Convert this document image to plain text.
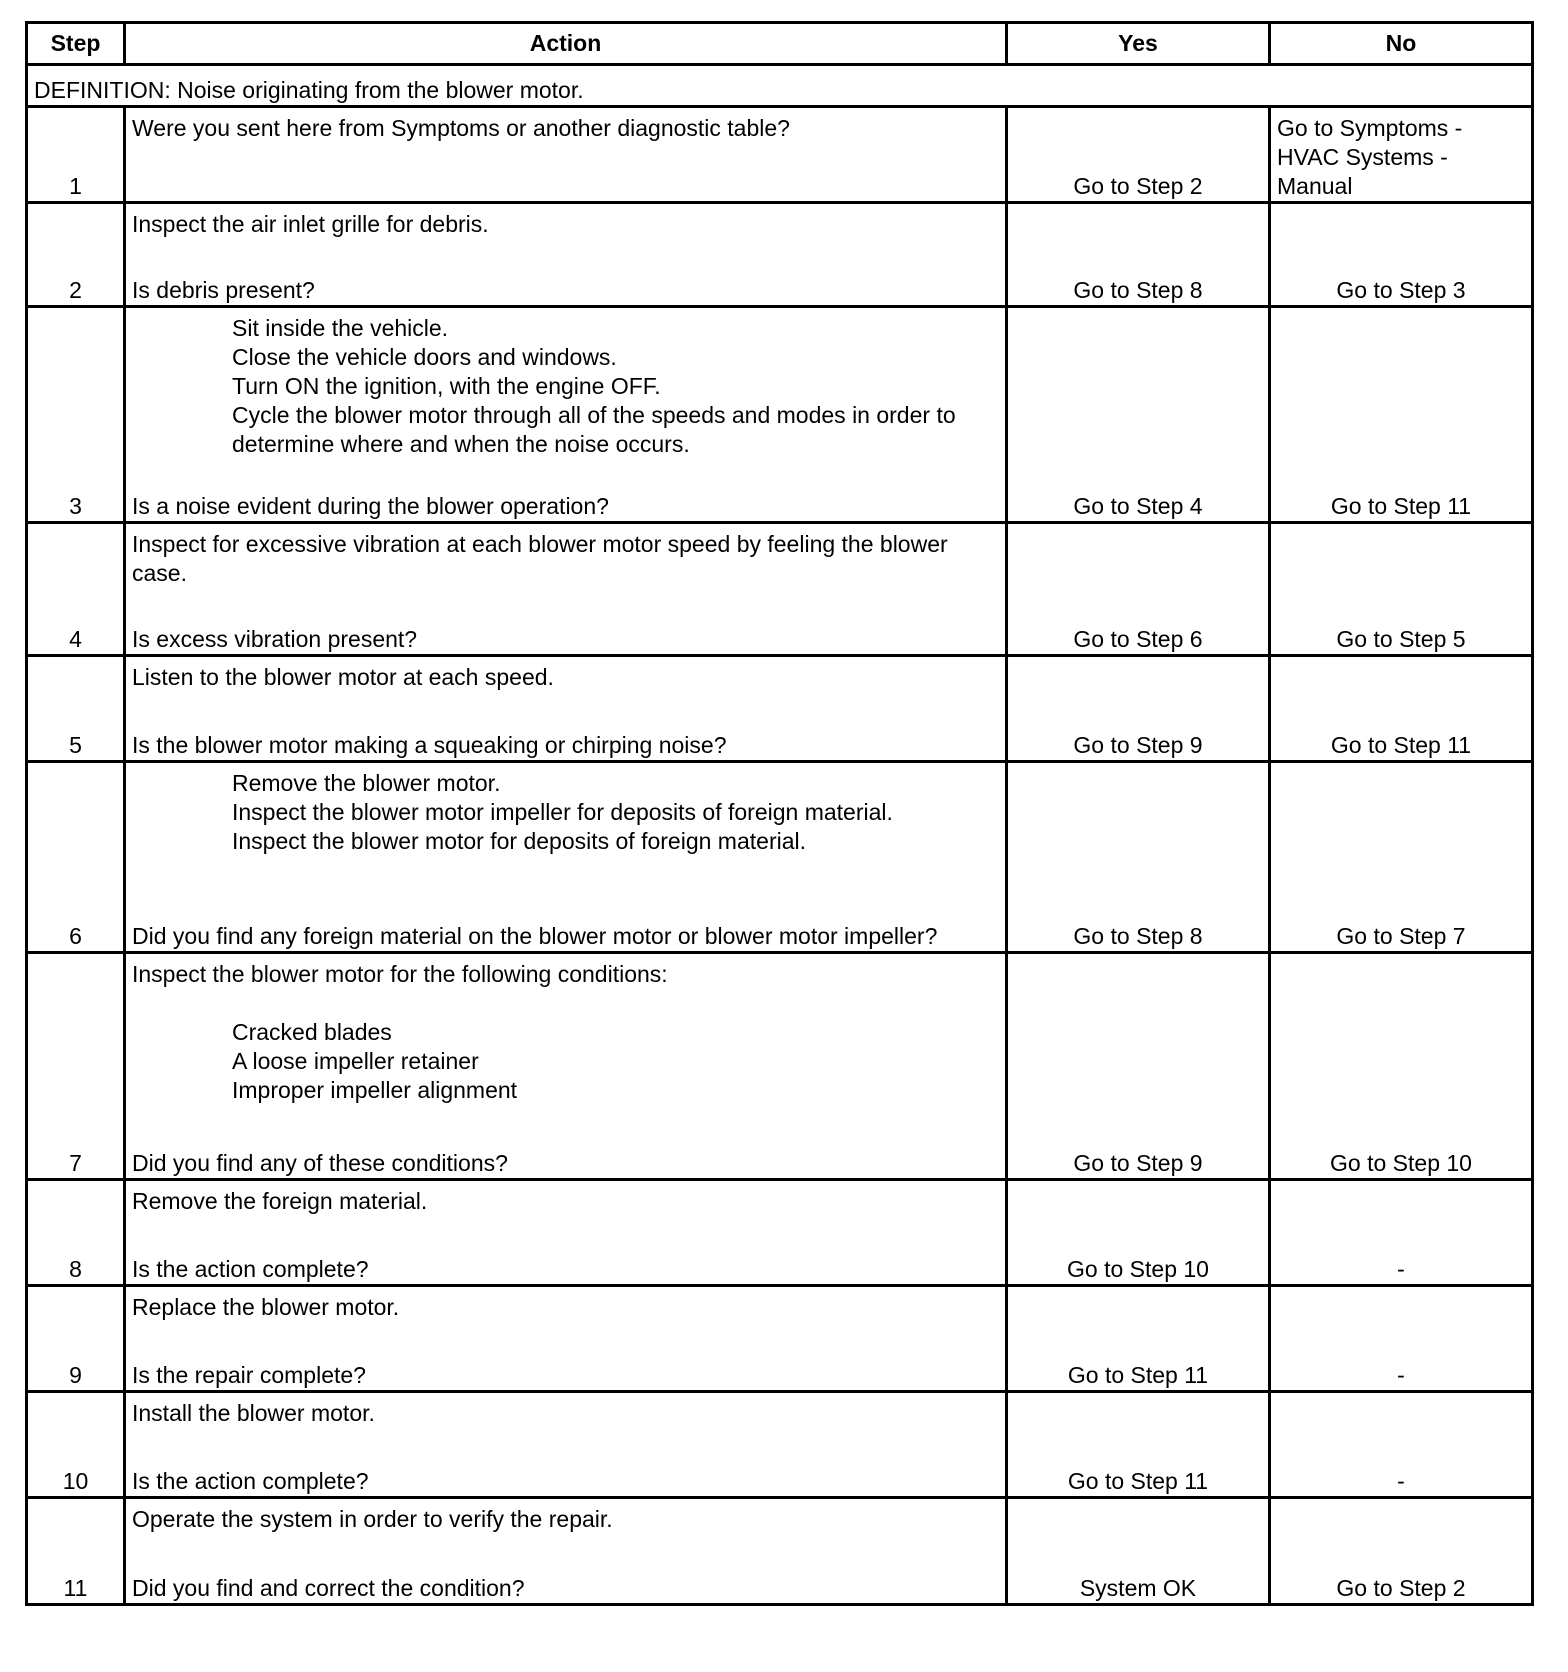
Step	Action	Yes	No
DEFINITION: Noise originating from the blower motor.			
1	Were you sent here from Symptoms or another diagnostic table?	Go to Step 2	Go to Symptoms - HVAC Systems - Manual
2	Inspect the air inlet grille for debris.
Is debris present?	Go to Step 8	Go to Step 3
3	Sit inside the vehicle.
Close the vehicle doors and windows.
Turn ON the ignition, with the engine OFF.
Cycle the blower motor through all of the speeds and modes in order to determine where and when the noise occurs.
Is a noise evident during the blower operation?	Go to Step 4	Go to Step 11
4	Inspect for excessive vibration at each blower motor speed by feeling the blower case.
Is excess vibration present?	Go to Step 6	Go to Step 5
5	Listen to the blower motor at each speed.
Is the blower motor making a squeaking or chirping noise?	Go to Step 9	Go to Step 11
6	Remove the blower motor.
Inspect the blower motor impeller for deposits of foreign material.
Inspect the blower motor for deposits of foreign material.
Did you find any foreign material on the blower motor or blower motor impeller?	Go to Step 8	Go to Step 7
7	Inspect the blower motor for the following conditions:
Cracked blades
A loose impeller retainer
Improper impeller alignment
Did you find any of these conditions?	Go to Step 9	Go to Step 10
8	Remove the foreign material.
Is the action complete?	Go to Step 10	-
9	Replace the blower motor.
Is the repair complete?	Go to Step 11	-
10	Install the blower motor.
Is the action complete?	Go to Step 11	-
11	Operate the system in order to verify the repair.
Did you find and correct the condition?	System OK	Go to Step 2
